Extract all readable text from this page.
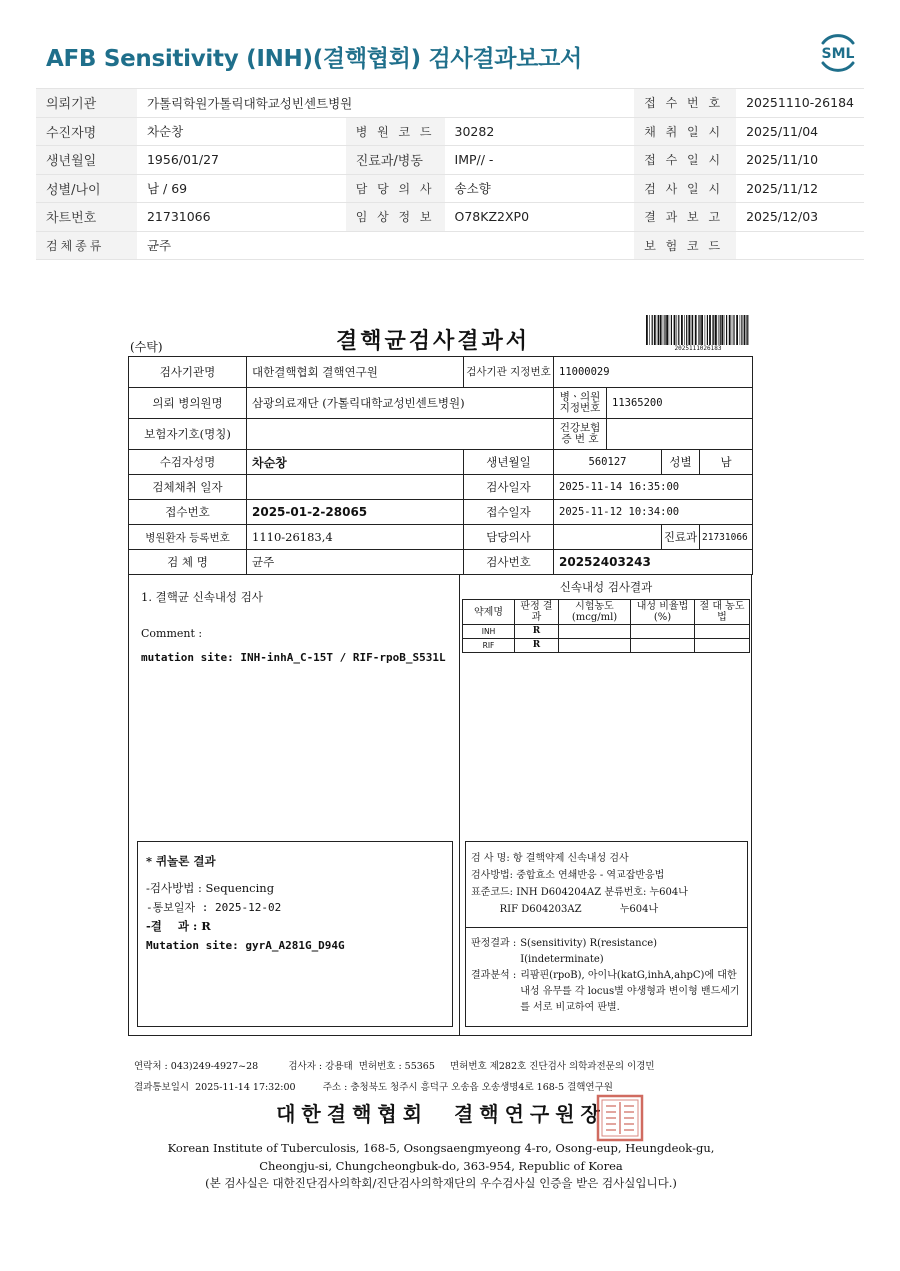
AFB Sensitivity (INH)(결핵협회) 검사결과보고서	SML
의뢰기관	가톨릭학원가톨릭대학교성빈센트병원			접 수 번 호	20251110-26184
수진자명	차순창	병 원 코 드	30282	채 취 일 시	2025/11/04
생년월일	1956/01/27	진료과/병동	IMP// -	접 수 일 시	2025/11/10
성별/나이	남 / 69	담 당 의 사	송소향	검 사 일 시	2025/11/12
차트번호	21731066	임 상 정 보	O78KZ2XP0	결 과 보 고	2025/12/03
검체종류	균주			보 험 코 드	
(수탁)	결핵균검사결과서	2025111026183
검사기관명	대한결핵협회 결핵연구원	검사기관 지정번호	11000029			
의뢰 병의원명	삼광의료재단 (가톨릭대학교성빈센트병원)		병ㆍ의원 지정번호	11365200		
보험자기호(명칭)			건강보험 증 번 호			
수검자성명	차순창	생년월일	560127		성별	남
검체채취 일자		검사일자	2025-11-14 16:35:00			
접수번호	2025-01-2-28065	접수일자	2025-11-12 10:34:00			
병원환자 등록번호	1110-26183,4	담당의사			진료과	21731066
검 체 명	균주	검사번호	20252403243			
1. 결핵균 신속내성 검사
Comment :
mutation site: INH-inhA_C-15T / RIF-rpoB_S531L
* 퀴놀론 결과
-검사방법 : Sequencing
-통보일자 : 2025-12-02
-결    과 : R
Mutation site: gyrA_A281G_D94G
신속내성 검사결과
약제명	판정 결과	시험농도 (mcg/ml)	내성 비율법(%)	절 대 농도법
INH	R			
RIF	R			
검 사 명: 항 결핵약제 신속내성 검사
검사방법: 중합효소 연쇄반응 - 역교잡반응법
표준코드: INH D604204AZ 분류번호: 누604나
RIF D604203AZ            누604나
판정결과 : S(sensitivity) R(resistance) I(indeterminate)
결과분석 : 리팜핀(rpoB), 아이나(katG,inhA,ahpC)에 대한 내성 유무를 각 locus별 야생형과 변이형 밴드세기를 서로 비교하여 판별.
연락처 : 043)249-4927~28          검사자 : 강용태  면허번호 : 55365     면허번호 제282호 진단검사 의학과전문의 이경민
결과통보일시  2025-11-14 17:32:00         주소 : 충청북도 청주시 흥덕구 오송읍 오송생명4로 168-5 결핵연구원
대한결핵협회  결핵연구원장
Korean Institute of Tuberculosis, 168-5, Osongsaengmyeong 4-ro, Osong-eup, Heungdeok-gu,
Cheongju-si, Chungcheongbuk-do, 363-954, Republic of Korea
(본 검사실은 대한진단검사의학회/진단검사의학재단의 우수검사실 인증을 받은 검사실입니다.)
